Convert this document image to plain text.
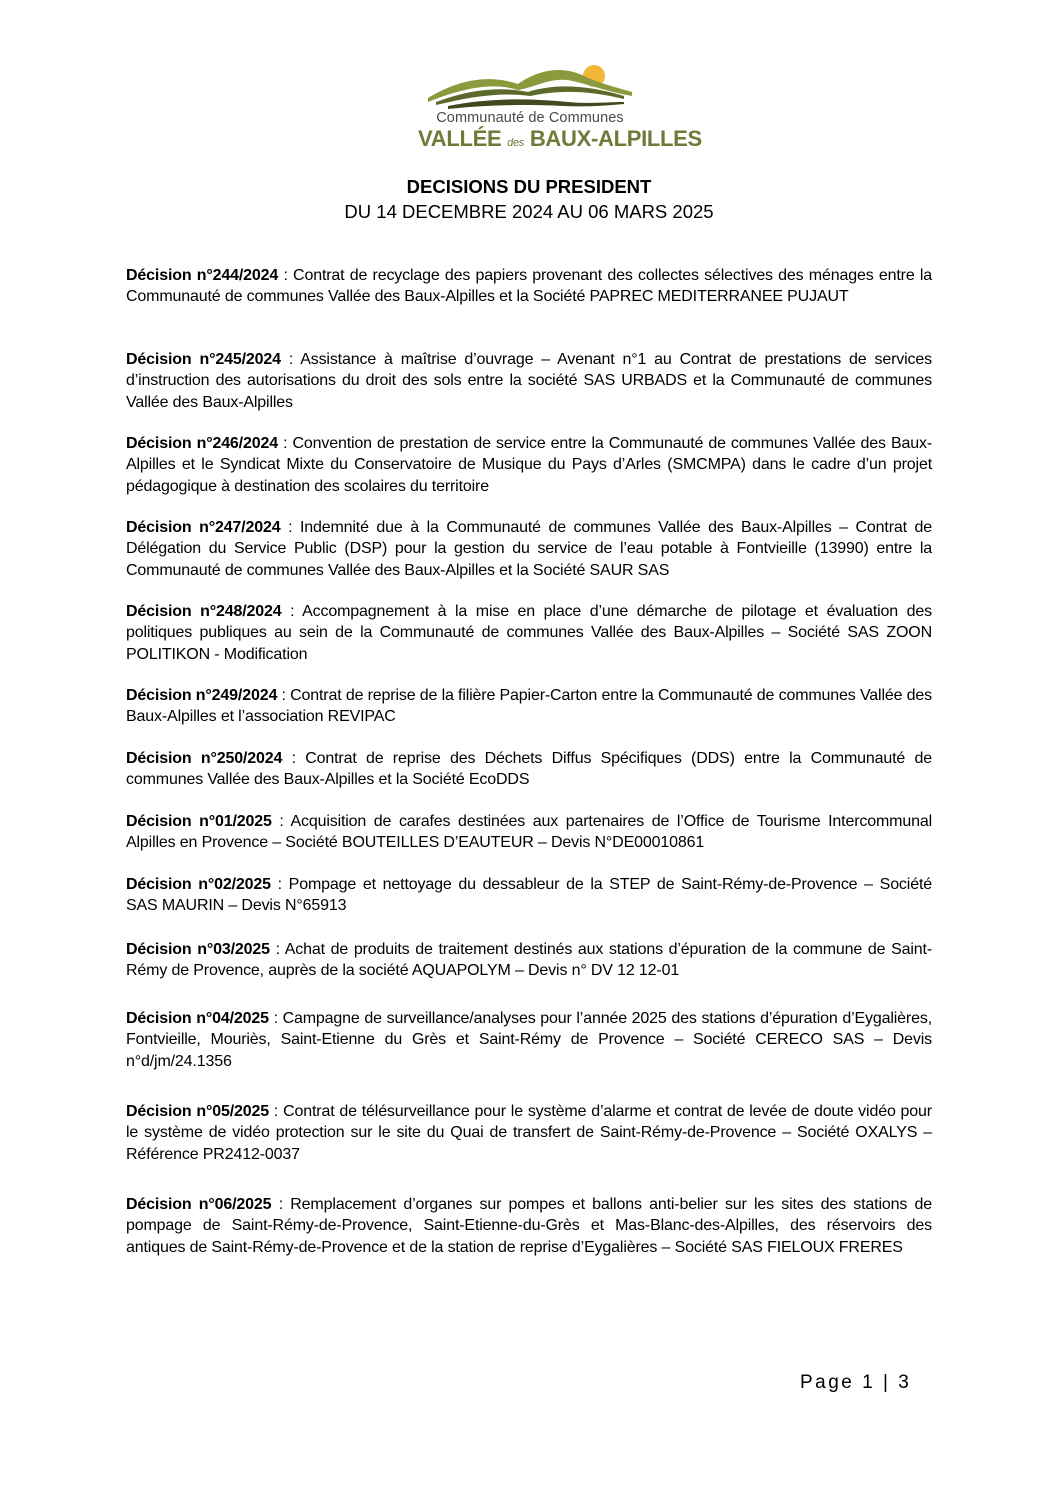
Communauté de Communes
VALLÉE des BAUX-ALPILLES
DECISIONS DU PRESIDENT
DU 14 DECEMBRE 2024 AU 06 MARS 2025
Décision n°244/2024 : Contrat de recyclage des papiers provenant des collectes sélectives des ménages entre la Communauté de communes Vallée des Baux-Alpilles et la Société PAPREC MEDITERRANEE PUJAUT
Décision n°245/2024 : Assistance à maîtrise d’ouvrage – Avenant n°1 au Contrat de prestations de services d’instruction des autorisations du droit des sols entre la société SAS URBADS et la Communauté de communes Vallée des Baux-Alpilles
Décision n°246/2024 : Convention de prestation de service entre la Communauté de communes Vallée des Baux-Alpilles et le Syndicat Mixte du Conservatoire de Musique du Pays d’Arles (SMCMPA) dans le cadre d’un projet pédagogique à destination des scolaires du territoire
Décision n°247/2024 : Indemnité due à la Communauté de communes Vallée des Baux-Alpilles – Contrat de Délégation du Service Public (DSP) pour la gestion du service de l’eau potable à Fontvieille (13990) entre la Communauté de communes Vallée des Baux-Alpilles et la Société SAUR SAS
Décision n°248/2024 : Accompagnement à la mise en place d’une démarche de pilotage et évaluation des politiques publiques au sein de la Communauté de communes Vallée des Baux-Alpilles – Société SAS ZOON POLITIKON - Modification
Décision n°249/2024 : Contrat de reprise de la filière Papier-Carton entre la Communauté de communes Vallée des Baux-Alpilles et l’association REVIPAC
Décision n°250/2024 : Contrat de reprise des Déchets Diffus Spécifiques (DDS) entre la Communauté de communes Vallée des Baux-Alpilles et la Société EcoDDS
Décision n°01/2025 : Acquisition de carafes destinées aux partenaires de l’Office de Tourisme Intercommunal Alpilles en Provence – Société BOUTEILLES D’EAUTEUR – Devis N°DE00010861
Décision n°02/2025 : Pompage et nettoyage du dessableur de la STEP de Saint-Rémy-de-Provence – Société SAS MAURIN – Devis N°65913
Décision n°03/2025 : Achat de produits de traitement destinés aux stations d’épuration de la commune de Saint-Rémy de Provence, auprès de la société AQUAPOLYM – Devis n° DV 12 12-01
Décision n°04/2025 : Campagne de surveillance/analyses pour l’année 2025 des stations d’épuration d’Eygalières, Fontvieille, Mouriès, Saint-Etienne du Grès et Saint-Rémy de Provence – Société CERECO SAS – Devis n°d/jm/24.1356
Décision n°05/2025 : Contrat de télésurveillance pour le système d’alarme et contrat de levée de doute vidéo pour le système de vidéo protection sur le site du Quai de transfert de Saint-Rémy-de-Provence – Société OXALYS – Référence PR2412-0037
Décision n°06/2025 : Remplacement d’organes sur pompes et ballons anti-belier sur les sites des stations de pompage de Saint-Rémy-de-Provence, Saint-Etienne-du-Grès et Mas-Blanc-des-Alpilles, des réservoirs des antiques de Saint-Rémy-de-Provence et de la station de reprise d’Eygalières – Société SAS FIELOUX FRERES
Page 1 | 3
